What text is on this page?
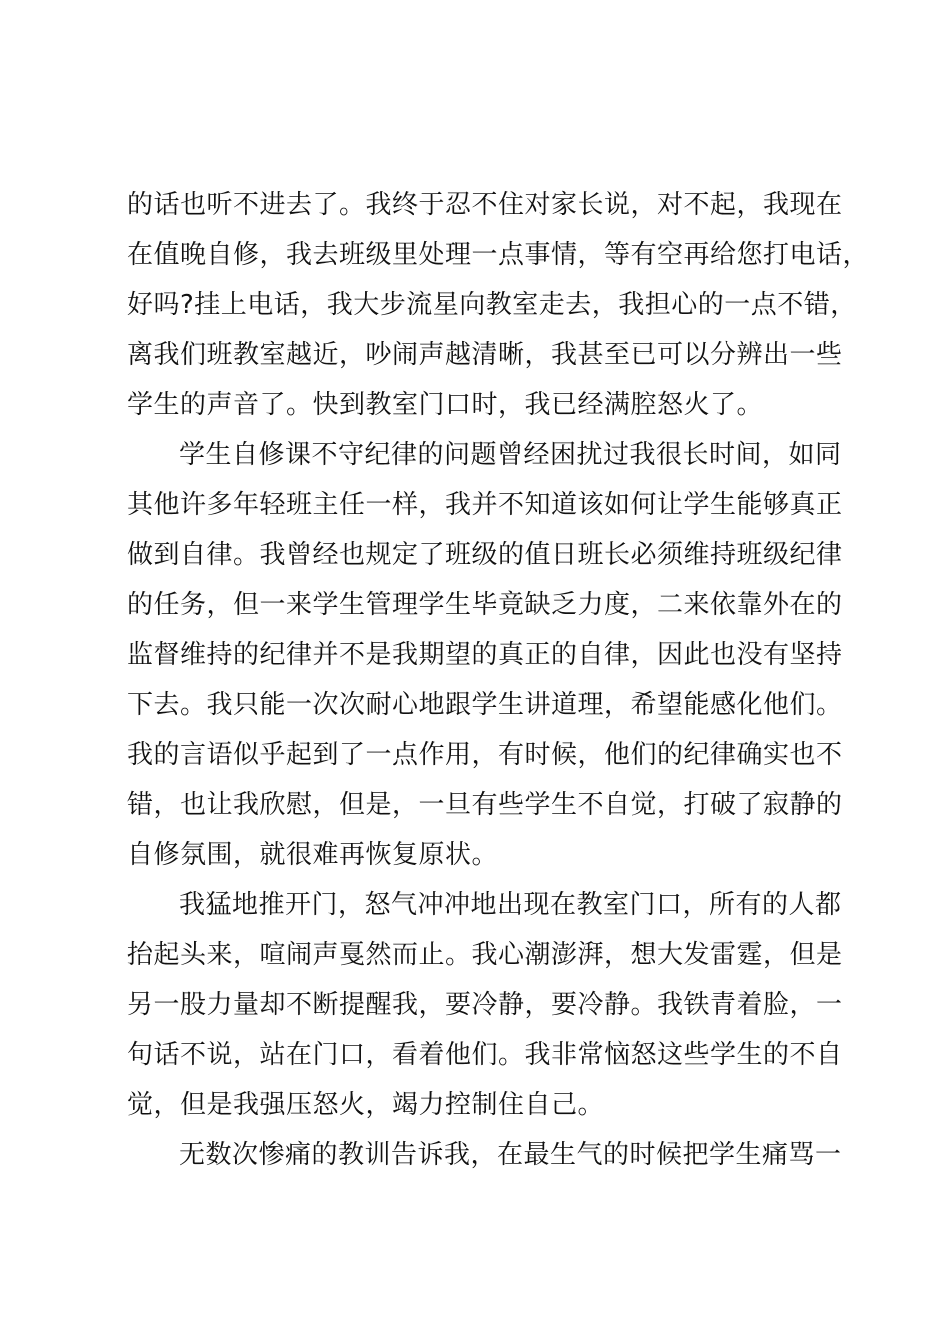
的话也听不进去了。我终于忍不住对家长说，对不起，我现在
在值晚自修，我去班级里处理一点事情，等有空再给您打电话，
好吗?挂上电话，我大步流星向教室走去，我担心的一点不错，
离我们班教室越近，吵闹声越清晰，我甚至已可以分辨出一些
学生的声音了。快到教室门口时，我已经满腔怒火了。

学生自修课不守纪律的问题曾经困扰过我很长时间，如同
其他许多年轻班主任一样，我并不知道该如何让学生能够真正
做到自律。我曾经也规定了班级的值日班长必须维持班级纪律
的任务，但一来学生管理学生毕竟缺乏力度，二来依靠外在的
监督维持的纪律并不是我期望的真正的自律，因此也没有坚持
下去。我只能一次次耐心地跟学生讲道理，希望能感化他们。
我的言语似乎起到了一点作用，有时候，他们的纪律确实也不
错，也让我欣慰，但是，一旦有些学生不自觉，打破了寂静的
自修氛围，就很难再恢复原状。

我猛地推开门，怒气冲冲地出现在教室门口，所有的人都
抬起头来，喧闹声戛然而止。我心潮澎湃，想大发雷霆，但是
另一股力量却不断提醒我，要冷静，要冷静。我铁青着脸，一
句话不说，站在门口，看着他们。我非常恼怒这些学生的不自
觉，但是我强压怒火，竭力控制住自己。

无数次惨痛的教训告诉我，在最生气的时候把学生痛骂一
